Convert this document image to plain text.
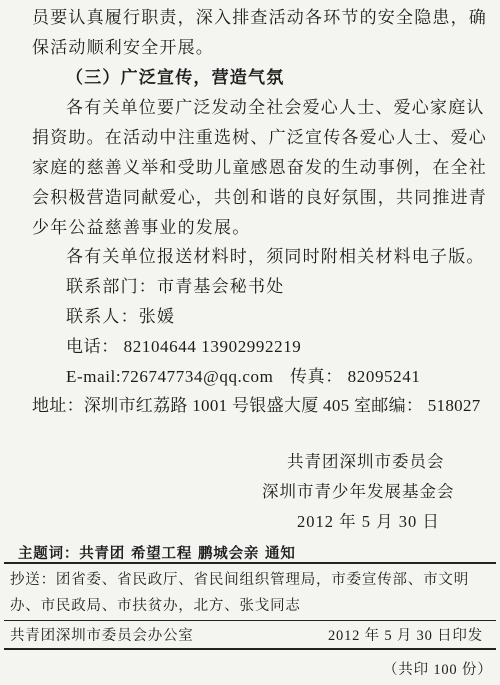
员要认真履行职责，深入排查活动各环节的安全隐患，确
保活动顺利安全开展。
（三）广泛宣传，营造气氛
各有关单位要广泛发动全社会爱心人士、爱心家庭认
捐资助。在活动中注重选树、广泛宣传各爱心人士、爱心
家庭的慈善义举和受助儿童感恩奋发的生动事例，在全社
会积极营造同献爱心，共创和谐的良好氛围，共同推进青
少年公益慈善事业的发展。
各有关单位报送材料时，须同时附相关材料电子版。
联系部门：市青基会秘书处
联系人：张媛
电话： 82104644 13902992219
E-mail:726747734@qq.com 传真： 82095241
地址：深圳市红荔路 1001 号银盛大厦 405 室邮编： 518027
共青团深圳市委员会
深圳市青少年发展基金会
2012 年 5 月 30 日
主题词：共青团 希望工程 鹏城会亲 通知
抄送：团省委、省民政厅、省民间组织管理局，市委宣传部、市文明
办、市民政局、市扶贫办，北方、张戈同志
共青团深圳市委员会办公室	2012 年 5 月 30 日印发
（共印 100 份）
